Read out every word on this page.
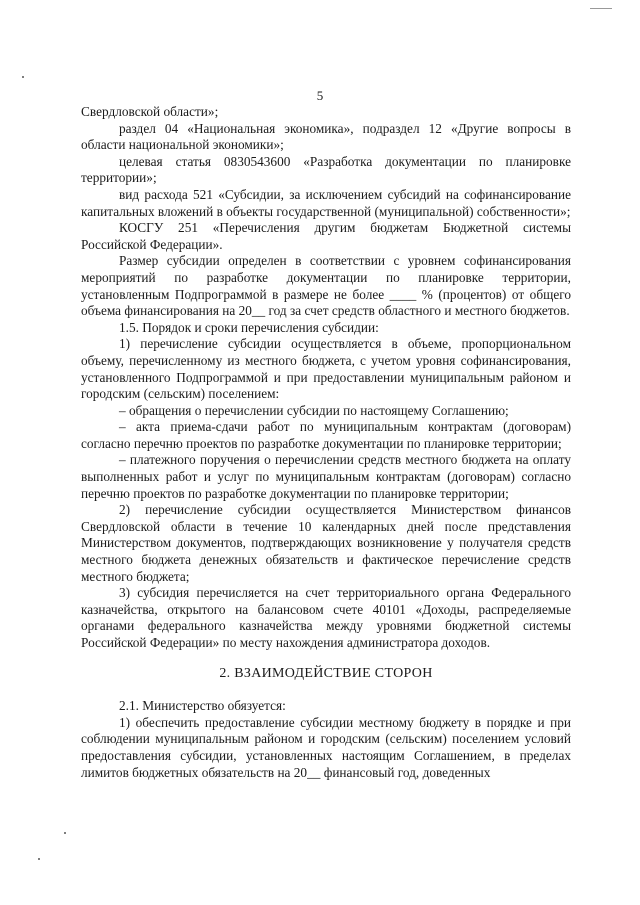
5

Свердловской области»;

раздел 04 «Национальная экономика», подраздел 12 «Другие вопросы в области национальной экономики»;

целевая статья 0830543600 «Разработка документации по планировке территории»;

вид расхода 521 «Субсидии, за исключением субсидий на софинансирование капитальных вложений в объекты государственной (муниципальной) собственности»;

КОСГУ 251 «Перечисления другим бюджетам Бюджетной системы Российской Федерации».

Размер субсидии определен в соответствии с уровнем софинансирования мероприятий по разработке документации по планировке территории, установленным Подпрограммой в размере не более ____ % (процентов) от общего объема финансирования на 20__ год за счет средств областного и местного бюджетов.

1.5. Порядок и сроки перечисления субсидии:

1) перечисление субсидии осуществляется в объеме, пропорциональном объему, перечисленному из местного бюджета, с учетом уровня софинансирования, установленного Подпрограммой и при предоставлении муниципальным районом и городским (сельским) поселением:

– обращения о перечислении субсидии по настоящему Соглашению;

– акта приема-сдачи работ по муниципальным контрактам (договорам) согласно перечню проектов по разработке документации по планировке территории;

– платежного поручения о перечислении средств местного бюджета на оплату выполненных работ и услуг по муниципальным контрактам (договорам) согласно перечню проектов по разработке документации по планировке территории;

2) перечисление субсидии осуществляется Министерством финансов Свердловской области в течение 10 календарных дней после представления Министерством документов, подтверждающих возникновение у получателя средств местного бюджета денежных обязательств и фактическое перечисление средств местного бюджета;

3) субсидия перечисляется на счет территориального органа Федерального казначейства, открытого на балансовом счете 40101 «Доходы, распределяемые органами федерального казначейства между уровнями бюджетной системы Российской Федерации» по месту нахождения администратора доходов.

2. ВЗАИМОДЕЙСТВИЕ СТОРОН

2.1. Министерство обязуется:

1) обеспечить предоставление субсидии местному бюджету в порядке и при соблюдении муниципальным районом и городским (сельским) поселением условий предоставления субсидии, установленных настоящим Соглашением, в пределах лимитов бюджетных обязательств на 20__ финансовый год, доведенных
